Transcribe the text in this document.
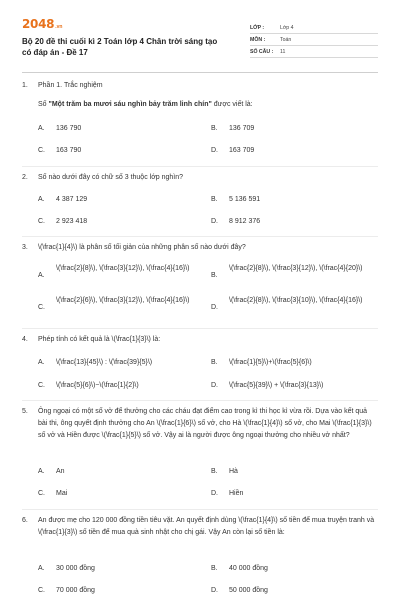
2048 .vn
Bộ 20 đề thi cuối kì 2 Toán lớp 4 Chân trời sáng tạo có đáp án - Đề 17
LỚP :	Lớp 4
MÔN :	Toán
SỐ CÂU :	11
1. Phần 1. Trắc nghiệm
Số "Một trăm ba mươi sáu nghìn bảy trăm linh chín" được viết là:
A.	136 790	B.	136 709
C.	163 790	D.	163 709
2. Số nào dưới đây có chữ số 3 thuộc lớp nghìn?
A.	4 387 129	B.	5 136 591
C.	2 923 418	D.	8 912 376
3. \(\frac{1}{4}\) là phân số tối giản của những phân số nào dưới đây?
A.
\(\frac{2}{8}\), \(\frac{3}{12}\), \(\frac{4}{16}\)
B.
\(\frac{2}{8}\), \(\frac{3}{12}\), \(\frac{4}{20}\)
C.
\(\frac{2}{6}\), \(\frac{3}{12}\), \(\frac{4}{16}\)
D.
\(\frac{2}{8}\), \(\frac{3}{10}\), \(\frac{4}{16}\)
4. Phép tính có kết quả là \(\frac{1}{3}\) là:
A.	\(\frac{13}{45}\) : \(\frac{39}{5}\)	B.	\(\frac{1}{5}\)+\(\frac{5}{6}\)
C.	\(\frac{5}{6}\)−\(\frac{1}{2}\)	D.	\(\frac{5}{39}\) + \(\frac{3}{13}\)
5. Ông ngoại có một số vở để thưởng cho các cháu đạt điểm cao trong kì thi học kì vừa rồi. Dựa vào kết quả bài thi, ông quyết định thưởng cho An \(\frac{1}{6}\) số vở, cho Hà \(\frac{1}{4}\) số vở, cho Mai \(\frac{1}{3}\) số vở và Hiền được \(\frac{1}{5}\) số vở. Vậy ai là người được ông ngoại thưởng cho nhiều vở nhất?
A.	An	B.	Hà
C.	Mai	D.	Hiền
6. An được mẹ cho 120 000 đồng tiền tiêu vặt. An quyết định dùng \(\frac{1}{4}\) số tiền để mua truyện tranh và \(\frac{1}{3}\) số tiền để mua quà sinh nhật cho chị gái. Vậy An còn lại số tiền là:
A.	30 000 đồng	B.	40 000 đồng
C.	70 000 đồng	D.	50 000 đồng
